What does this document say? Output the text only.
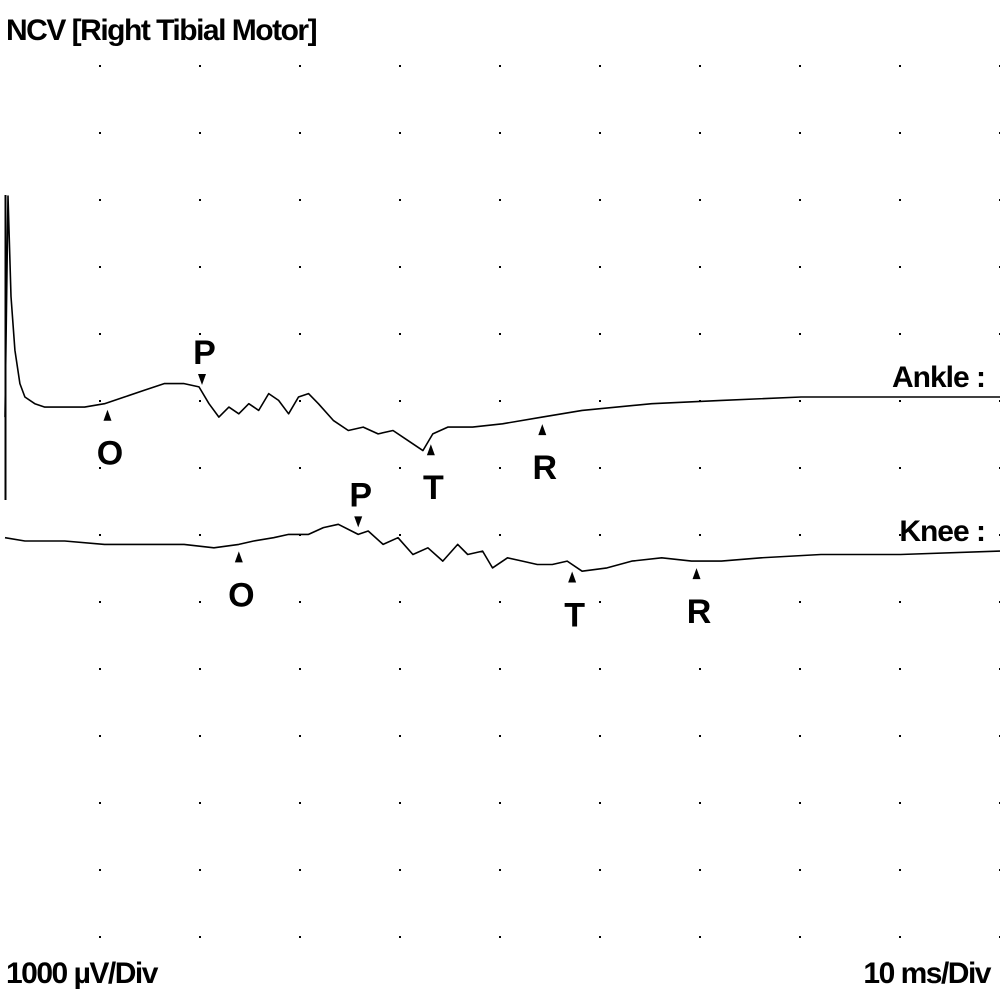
Ankle :
O
P
T
R
Knee :
O
P
T	R
NCV [Right Tibial Motor]
1000 µV/Div	10 ms/Div
